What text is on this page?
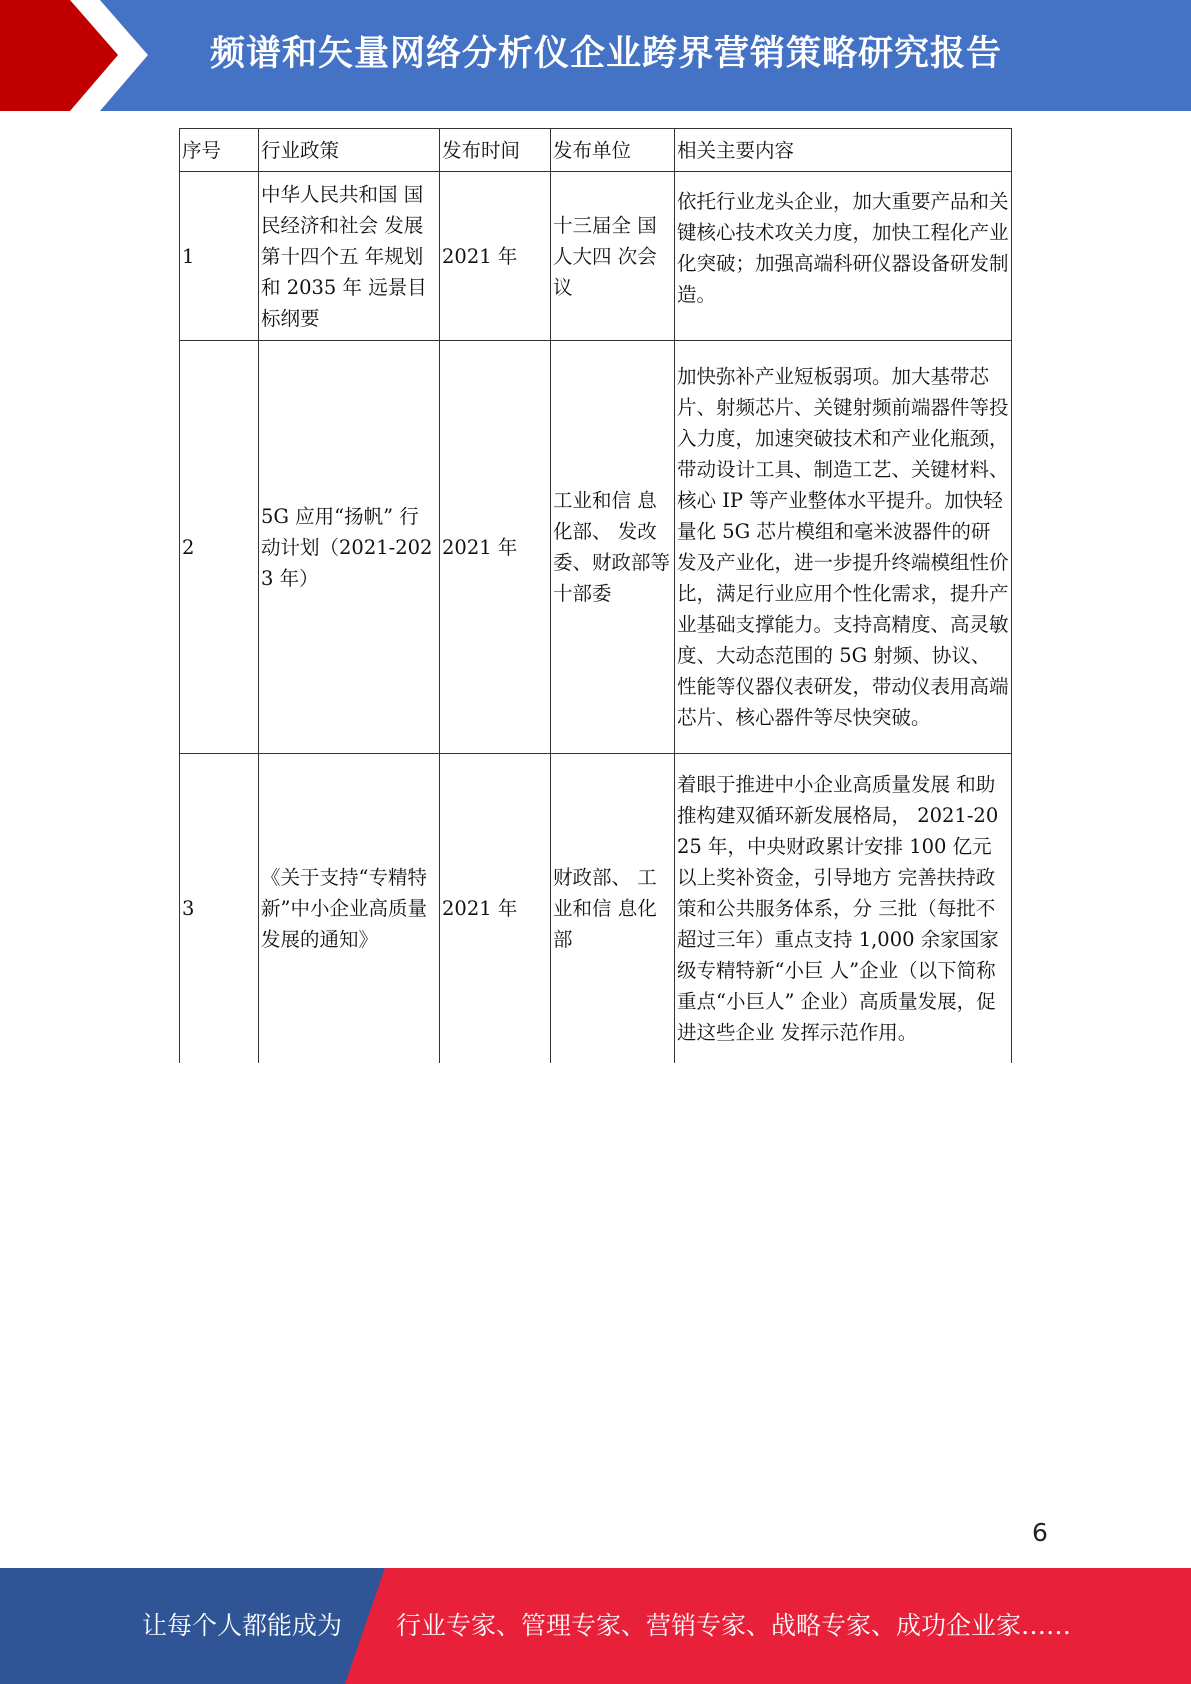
频谱和矢量网络分析仪企业跨界营销策略研究报告
序号	行业政策	发布时间	发布单位	相关主要内容
1	中华人民共和国 国民经济和社会 发展第十四个五 年规划和 2035 年 远景目标纲要	2021 年	十三届全 国人大四 次会议	依托行业龙头企业，加大重要产品和关键核心技术攻关力度，加快工程化产业化突破；加强高端科研仪器设备研发制造。
2	5G 应用“扬帆” 行动计划（2021-2023 年）	2021 年	工业和信 息化部、 发改委、财政部等 十部委	加快弥补产业短板弱项。加大基带芯片、射频芯片、关键射频前端器件等投入力度，加速突破技术和产业化瓶颈，带动设计工具、制造工艺、关键材料、核心 IP 等产业整体水平提升。加快轻量化 5G 芯片模组和毫米波器件的研发及产业化，进一步提升终端模组性价比，满足行业应用个性化需求，提升产业基础支撑能力。支持高精度、高灵敏度、大动态范围的 5G 射频、协议、性能等仪器仪表研发，带动仪表用高端芯片、核心器件等尽快突破。
3	《关于支持“专精特新”中小企业高质量发展的通知》	2021 年	财政部、 工业和信 息化部	着眼于推进中小企业高质量发展 和助推构建双循环新发展格局， 2021-2025 年，中央财政累计安排 100 亿元以上奖补资金，引导地方 完善扶持政策和公共服务体系，分 三批（每批不超过三年）重点支持 1,000 余家国家级专精特新“小巨 人”企业（以下简称重点“小巨人” 企业）高质量发展，促进这些企业 发挥示范作用。
6
让每个人都能成为 行业专家、管理专家、营销专家、战略专家、成功企业家……
